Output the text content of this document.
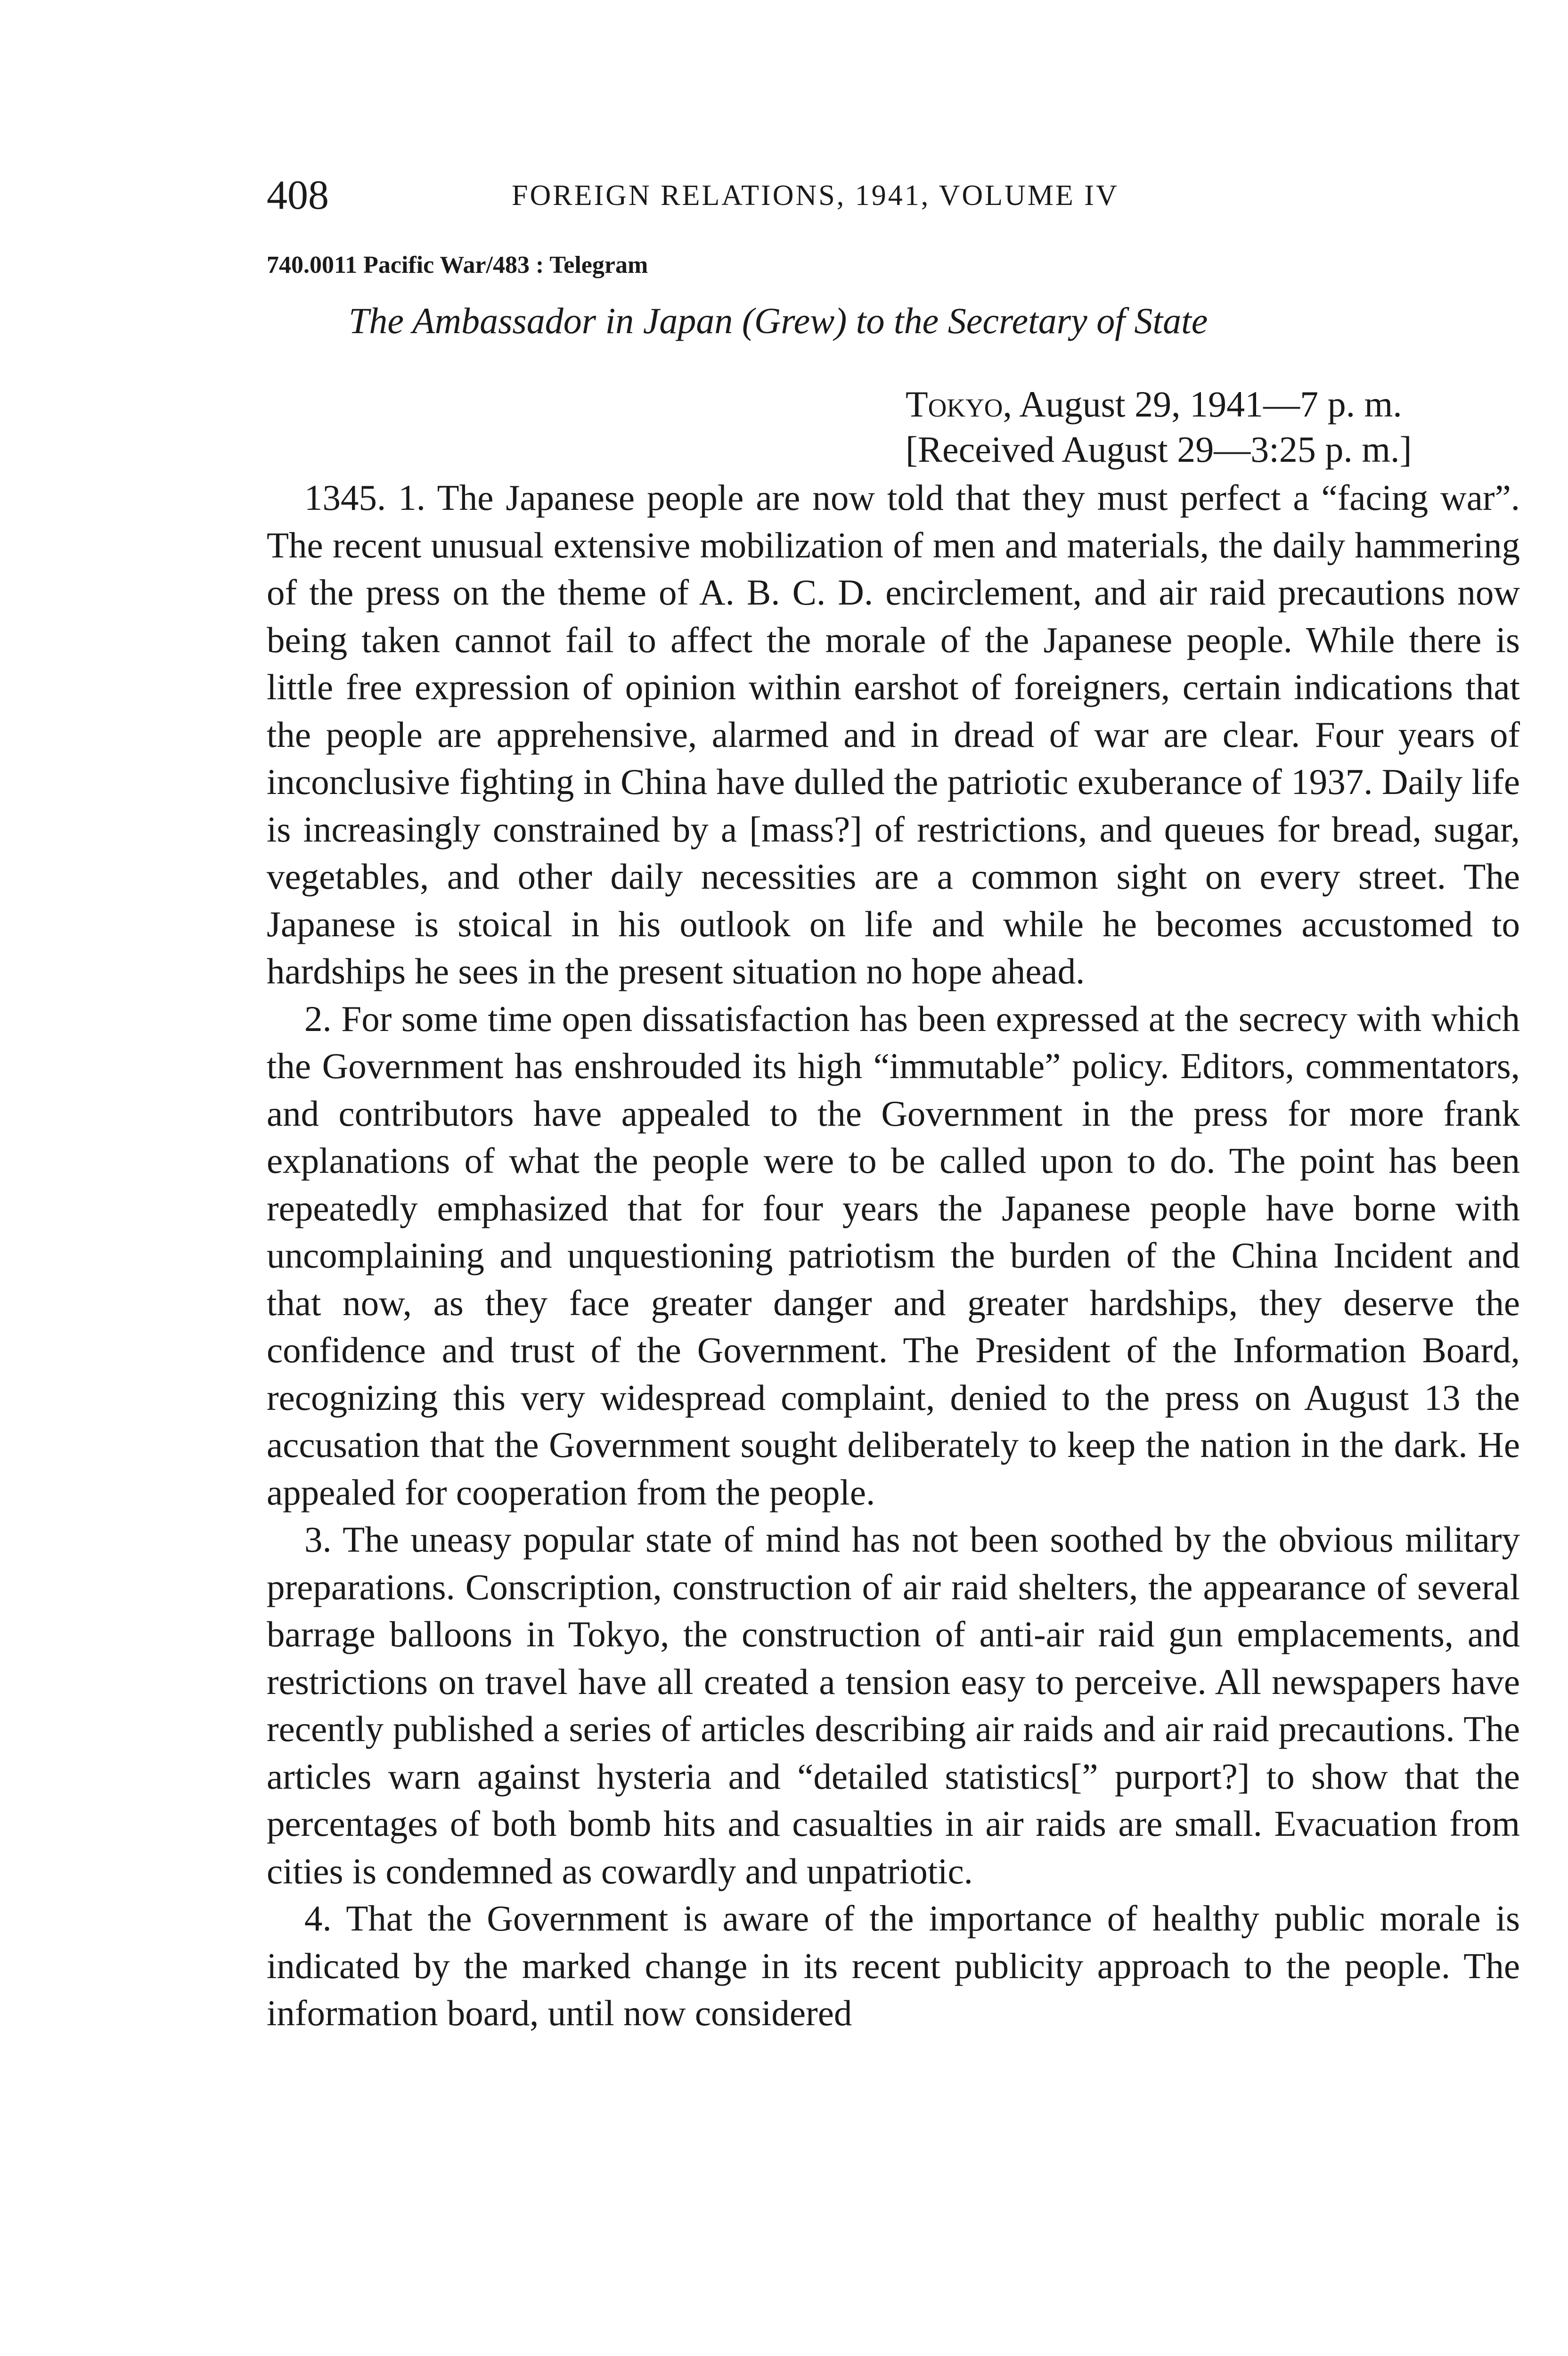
408	FOREIGN RELATIONS, 1941, VOLUME IV
740.0011 Pacific War/483 : Telegram
The Ambassador in Japan (Grew) to the Secretary of State
Tokyo, August 29, 1941—7 p. m.
[Received August 29—3:25 p. m.]

1345. 1. The Japanese people are now told that they must perfect a “facing war”. The recent unusual extensive mobilization of men and materials, the daily hammering of the press on the theme of A. B. C. D. encirclement, and air raid precautions now being taken cannot fail to affect the morale of the Japanese people. While there is little free expression of opinion within earshot of foreigners, certain indications that the people are apprehensive, alarmed and in dread of war are clear. Four years of inconclusive fighting in China have dulled the patriotic exuberance of 1937. Daily life is increasingly constrained by a [mass?] of restrictions, and queues for bread, sugar, vegetables, and other daily necessities are a common sight on every street. The Japanese is stoical in his outlook on life and while he becomes accustomed to hardships he sees in the present situation no hope ahead.

2. For some time open dissatisfaction has been expressed at the secrecy with which the Government has enshrouded its high “immutable” policy. Editors, commentators, and contributors have appealed to the Government in the press for more frank explanations of what the people were to be called upon to do. The point has been repeatedly emphasized that for four years the Japanese people have borne with uncomplaining and unquestioning patriotism the burden of the China Incident and that now, as they face greater danger and greater hardships, they deserve the confidence and trust of the Government. The President of the Information Board, recognizing this very widespread complaint, denied to the press on August 13 the accusation that the Government sought deliberately to keep the nation in the dark. He appealed for cooperation from the people.

3. The uneasy popular state of mind has not been soothed by the obvious military preparations. Conscription, construction of air raid shelters, the appearance of several barrage balloons in Tokyo, the construction of anti-air raid gun emplacements, and restrictions on travel have all created a tension easy to perceive. All newspapers have recently published a series of articles describing air raids and air raid precautions. The articles warn against hysteria and “detailed statistics[” purport?] to show that the percentages of both bomb hits and casualties in air raids are small. Evacuation from cities is condemned as cowardly and unpatriotic.

4. That the Government is aware of the importance of healthy public morale is indicated by the marked change in its recent publicity approach to the people. The information board, until now considered
